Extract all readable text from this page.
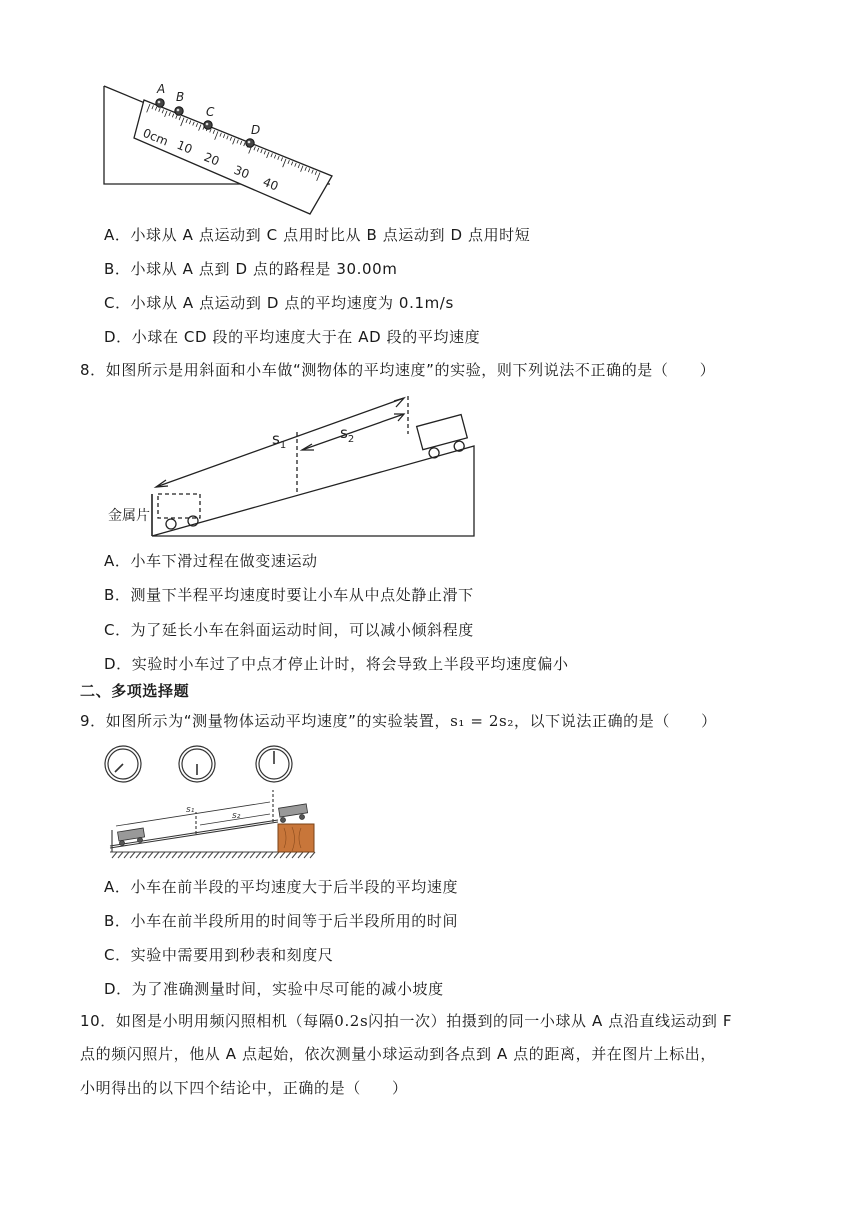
A
B
C
D
0cm 10
20
30
40
A．小球从 A 点运动到 C 点用时比从 B 点运动到 D 点用时短
B．小球从 A 点到 D 点的路程是 30.00m
C．小球从 A 点运动到 D 点的平均速度为 0.1m/s
D．小球在 CD 段的平均速度大于在 AD 段的平均速度
8．如图所示是用斜面和小车做“测物体的平均速度”的实验，则下列说法不正确的是（　　）
$s_1$
$s_2$
金属片
A．小车下滑过程在做变速运动
B．测量下半程平均速度时要让小车从中点处静止滑下
C．为了延长小车在斜面运动时间，可以减小倾斜程度
D．实验时小车过了中点才停止计时，将会导致上半段平均速度偏小
二、多项选择题
9．如图所示为“测量物体运动平均速度”的实验装置，s₁ = 2s₂，以下说法正确的是（　　）
s₁
s₂
A．小车在前半段的平均速度大于后半段的平均速度
B．小车在前半段所用的时间等于后半段所用的时间
C．实验中需要用到秒表和刻度尺
D．为了准确测量时间，实验中尽可能的减小坡度
10．如图是小明用频闪照相机（每隔0.2s闪拍一次）拍摄到的同一小球从 A 点沿直线运动到 F
点的频闪照片，他从 A 点起始，依次测量小球运动到各点到 A 点的距离，并在图片上标出，
小明得出的以下四个结论中，正确的是（　　）
